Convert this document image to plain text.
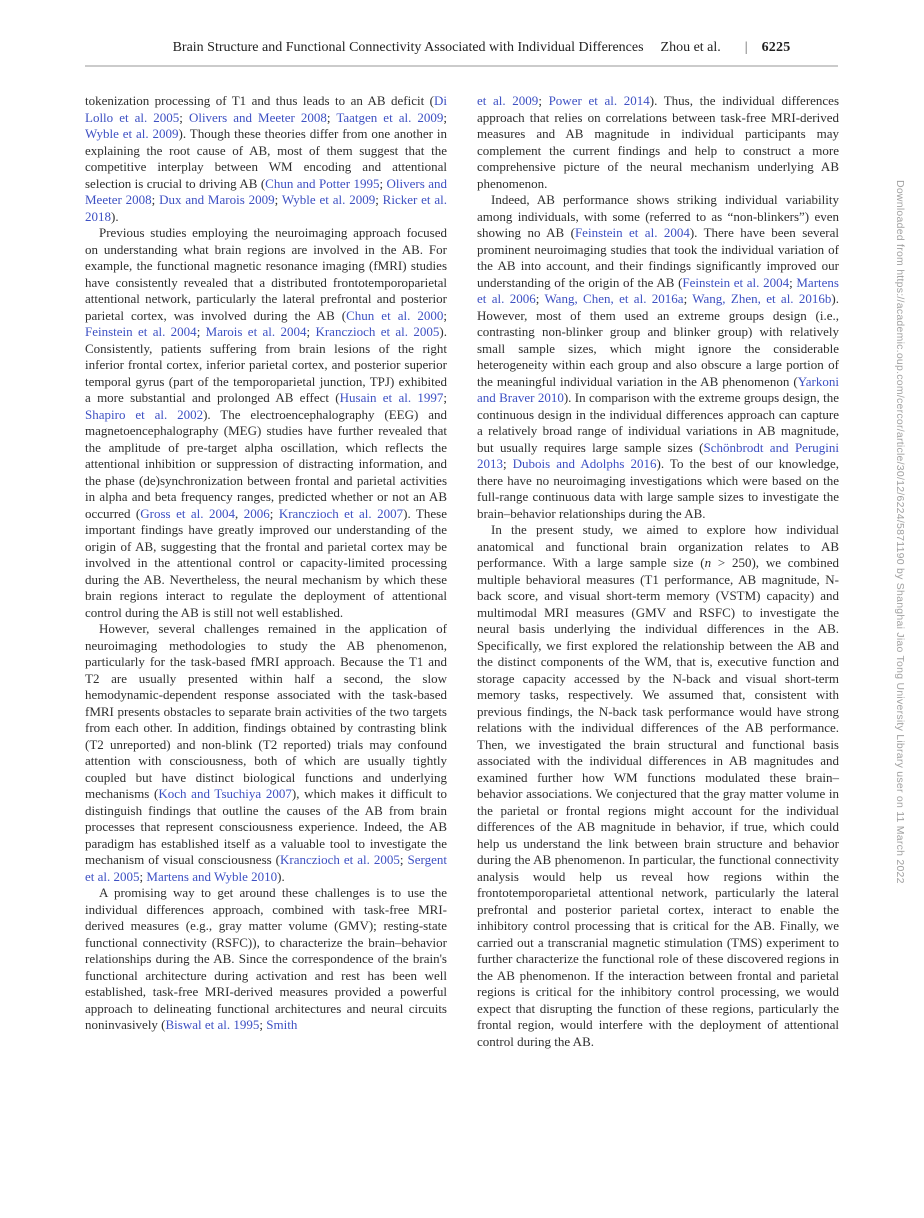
Brain Structure and Functional Connectivity Associated with Individual Differences Zhou et al. | 6225

tokenization processing of T1 and thus leads to an AB deficit (Di Lollo et al. 2005; Olivers and Meeter 2008; Taatgen et al. 2009; Wyble et al. 2009). Though these theories differ from one another in explaining the root cause of AB, most of them suggest that the competitive interplay between WM encoding and attentional selection is crucial to driving AB (Chun and Potter 1995; Olivers and Meeter 2008; Dux and Marois 2009; Wyble et al. 2009; Ricker et al. 2018).

Previous studies employing the neuroimaging approach focused on understanding what brain regions are involved in the AB. For example, the functional magnetic resonance imaging (fMRI) studies have consistently revealed that a distributed frontotemporoparietal attentional network, particularly the lateral prefrontal and posterior parietal cortex, was involved during the AB (Chun et al. 2000; Feinstein et al. 2004; Marois et al. 2004; Kranczioch et al. 2005). Consistently, patients suffering from brain lesions of the right inferior frontal cortex, inferior parietal cortex, and posterior superior temporal gyrus (part of the temporoparietal junction, TPJ) exhibited a more substantial and prolonged AB effect (Husain et al. 1997; Shapiro et al. 2002). The electroencephalography (EEG) and magnetoencephalography (MEG) studies have further revealed that the amplitude of pre-target alpha oscillation, which reflects the attentional inhibition or suppression of distracting information, and the phase (de)synchronization between frontal and parietal activities in alpha and beta frequency ranges, predicted whether or not an AB occurred (Gross et al. 2004, 2006; Kranczioch et al. 2007). These important findings have greatly improved our understanding of the origin of AB, suggesting that the frontal and parietal cortex may be involved in the attentional control or capacity-limited processing during the AB. Nevertheless, the neural mechanism by which these brain regions interact to regulate the deployment of attentional control during the AB is still not well established.

However, several challenges remained in the application of neuroimaging methodologies to study the AB phenomenon, particularly for the task-based fMRI approach. Because the T1 and T2 are usually presented within half a second, the slow hemodynamic-dependent response associated with the task-based fMRI presents obstacles to separate brain activities of the two targets from each other. In addition, findings obtained by contrasting blink (T2 unreported) and non-blink (T2 reported) trials may confound attention with consciousness, both of which are usually tightly coupled but have distinct biological functions and underlying mechanisms (Koch and Tsuchiya 2007), which makes it difficult to distinguish findings that outline the causes of the AB from brain processes that represent consciousness experience. Indeed, the AB paradigm has established itself as a valuable tool to investigate the mechanism of visual consciousness (Kranczioch et al. 2005; Sergent et al. 2005; Martens and Wyble 2010).

A promising way to get around these challenges is to use the individual differences approach, combined with task-free MRI-derived measures (e.g., gray matter volume (GMV); resting-state functional connectivity (RSFC)), to characterize the brain–behavior relationships during the AB. Since the correspondence of the brain's functional architecture during activation and rest has been well established, task-free MRI-derived measures provided a powerful approach to delineating functional architectures and neural circuits noninvasively (Biswal et al. 1995; Smith

et al. 2009; Power et al. 2014). Thus, the individual differences approach that relies on correlations between task-free MRI-derived measures and AB magnitude in individual participants may complement the current findings and help to construct a more comprehensive picture of the neural mechanism underlying AB phenomenon.

Indeed, AB performance shows striking individual variability among individuals, with some (referred to as “non-blinkers”) even showing no AB (Feinstein et al. 2004). There have been several prominent neuroimaging studies that took the individual variation of the AB into account, and their findings significantly improved our understanding of the origin of the AB (Feinstein et al. 2004; Martens et al. 2006; Wang, Chen, et al. 2016a; Wang, Zhen, et al. 2016b). However, most of them used an extreme groups design (i.e., contrasting non-blinker group and blinker group) with relatively small sample sizes, which might ignore the considerable heterogeneity within each group and also obscure a large portion of the meaningful individual variation in the AB phenomenon (Yarkoni and Braver 2010). In comparison with the extreme groups design, the continuous design in the individual differences approach can capture a relatively broad range of individual variations in AB magnitude, but usually requires large sample sizes (Schönbrodt and Perugini 2013; Dubois and Adolphs 2016). To the best of our knowledge, there have no neuroimaging investigations which were based on the full-range continuous data with large sample sizes to investigate the brain–behavior relationships during the AB.

In the present study, we aimed to explore how individual anatomical and functional brain organization relates to AB performance. With a large sample size (n > 250), we combined multiple behavioral measures (T1 performance, AB magnitude, N-back score, and visual short-term memory (VSTM) capacity) and multimodal MRI measures (GMV and RSFC) to investigate the neural basis underlying the individual differences in the AB. Specifically, we first explored the relationship between the AB and the distinct components of the WM, that is, executive function and storage capacity accessed by the N-back and visual short-term memory tasks, respectively. We assumed that, consistent with previous findings, the N-back task performance would have strong relations with the individual differences of the AB performance. Then, we investigated the brain structural and functional basis associated with the individual differences in AB magnitudes and examined further how WM functions modulated these brain–behavior associations. We conjectured that the gray matter volume in the parietal or frontal regions might account for the individual differences of the AB magnitude in behavior, if true, which could help us understand the link between brain structure and behavior during the AB phenomenon. In particular, the functional connectivity analysis would help us reveal how regions within the frontotemporoparietal attentional network, particularly the lateral prefrontal and posterior parietal cortex, interact to enable the inhibitory control processing that is critical for the AB. Finally, we carried out a transcranial magnetic stimulation (TMS) experiment to further characterize the functional role of these discovered regions in the AB phenomenon. If the interaction between frontal and parietal regions is critical for the inhibitory control processing, we would expect that disrupting the function of these regions, particularly the frontal region, would interfere with the deployment of attentional control during the AB.

Downloaded from https://academic.oup.com/cercor/article/30/12/6224/5871190 by Shanghai Jiao Tong University Library user on 11 March 2022
